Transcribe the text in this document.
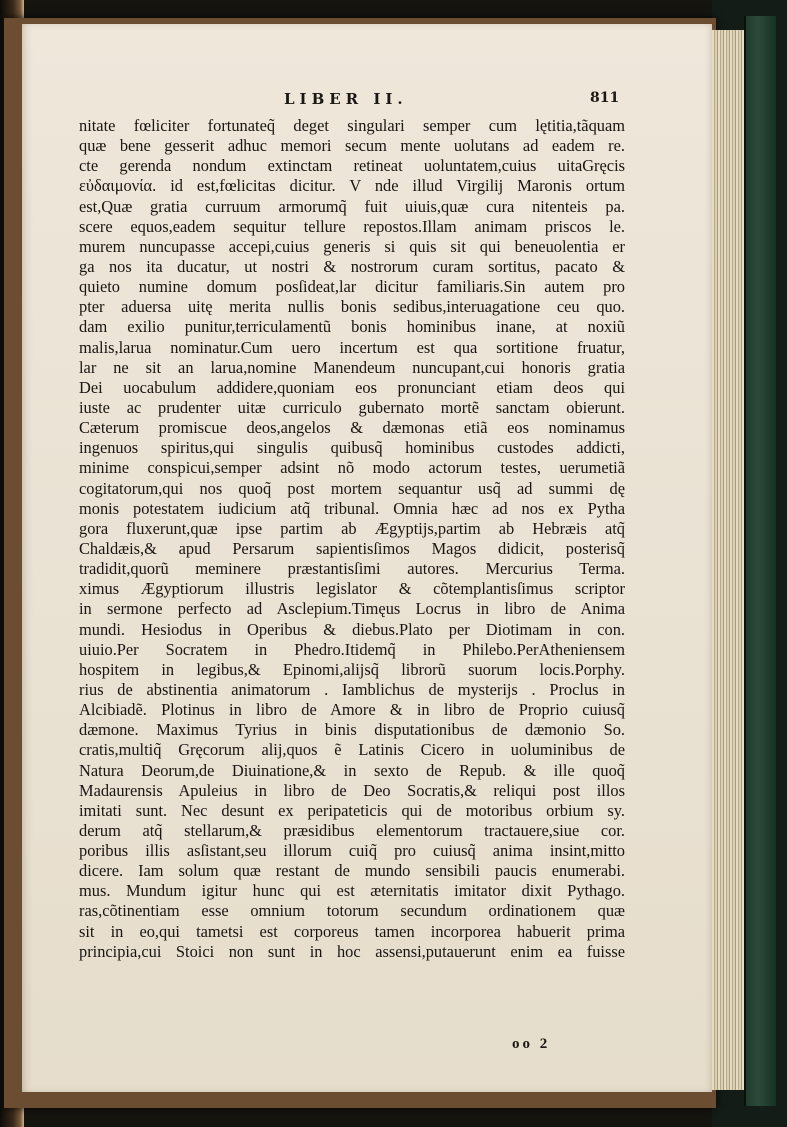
LIBER II.	811
nitate fœliciter fortunateq̃ deget singulari semper cum lętitia,tãquam
quæ bene gesserit adhuc memori secum mente uolutans ad eadem re.
cte gerenda nondum extinctam retineat uoluntatem,cuius uitaGręcis
εὐδαιμονία. id est,fœlicitas dicitur. V nde illud Virgilij Maronis ortum
est,Quæ gratia curruum armorumq̃ fuit uiuis,quæ cura nitenteis pa.
scere equos,eadem sequitur tellure repostos.Illam animam priscos le.
murem nuncupasse accepi,cuius generis si quis sit qui beneuolentia er
ga nos ita ducatur, ut nostri & nostrorum curam sortitus, pacato &
quieto numine domum posſideat,lar dicitur familiaris.Sin autem pro
pter aduersa uitę merita nullis bonis sedibus,interuagatione ceu quo.
dam exilio punitur,terriculamentũ bonis hominibus inane, at noxiũ
malis,larua nominatur.Cum uero incertum est qua sortitione fruatur,
lar ne sit an larua,nomine Manendeum nuncupant,cui honoris gratia
Dei uocabulum addidere,quoniam eos pronunciant etiam deos qui
iuste ac prudenter uitæ curriculo gubernato mortẽ sanctam obierunt.
Cæterum promiscue deos,angelos & dæmonas etiã eos nominamus
ingenuos spiritus,qui singulis quibusq̃ hominibus custodes addicti,
minime conspicui,semper adsint nõ modo actorum testes, uerumetiã
cogitatorum,qui nos quoq̃ post mortem sequantur usq̃ ad summi dę
monis potestatem iudicium atq̃ tribunal. Omnia hæc ad nos ex Pytha
gora fluxerunt,quæ ipse partim ab Ægyptijs,partim ab Hebræis atq̃
Chaldæis,& apud Persarum sapientisſimos Magos didicit, posterisq̃
tradidit,quorũ meminere præstantisſimi autores. Mercurius Terma.
ximus Ægyptiorum illustris legislator & cõtemplantisſimus scriptor
in sermone perfecto ad Asclepium.Timęus Locrus in libro de Anima
mundi. Hesiodus in Operibus & diebus.Plato per Diotimam in con.
uiuio.Per Socratem in Phedro.Itidemq̃ in Philebo.PerAtheniensem
hospitem in legibus,& Epinomi,alijsq̃ librorũ suorum locis.Porphy.
rius de abstinentia animatorum . Iamblichus de mysterijs . Proclus in
Alcibiadẽ. Plotinus in libro de Amore & in libro de Proprio cuiusq̃
dæmone. Maximus Tyrius in binis disputationibus de dæmonio So.
cratis,multiq̃ Gręcorum alij,quos ẽ Latinis Cicero in uoluminibus de
Natura Deorum,de Diuinatione,& in sexto de Repub. & ille quoq̃
Madaurensis Apuleius in libro de Deo Socratis,& reliqui post illos
imitati sunt. Nec desunt ex peripateticis qui de motoribus orbium sy.
derum atq̃ stellarum,& præsidibus elementorum tractauere,siue cor.
poribus illis asſistant,seu illorum cuiq̃ pro cuiusq̃ anima insint,mitto
dicere. Iam solum quæ restant de mundo sensibili paucis enumerabi.
mus. Mundum igitur hunc qui est æternitatis imitator dixit Pythago.
ras,cõtinentiam esse omnium totorum secundum ordinationem quæ
sit in eo,qui tametsi est corporeus tamen incorporea habuerit prima
principia,cui Stoici non sunt in hoc assensi,putauerunt enim ea fuisse
oo 2
